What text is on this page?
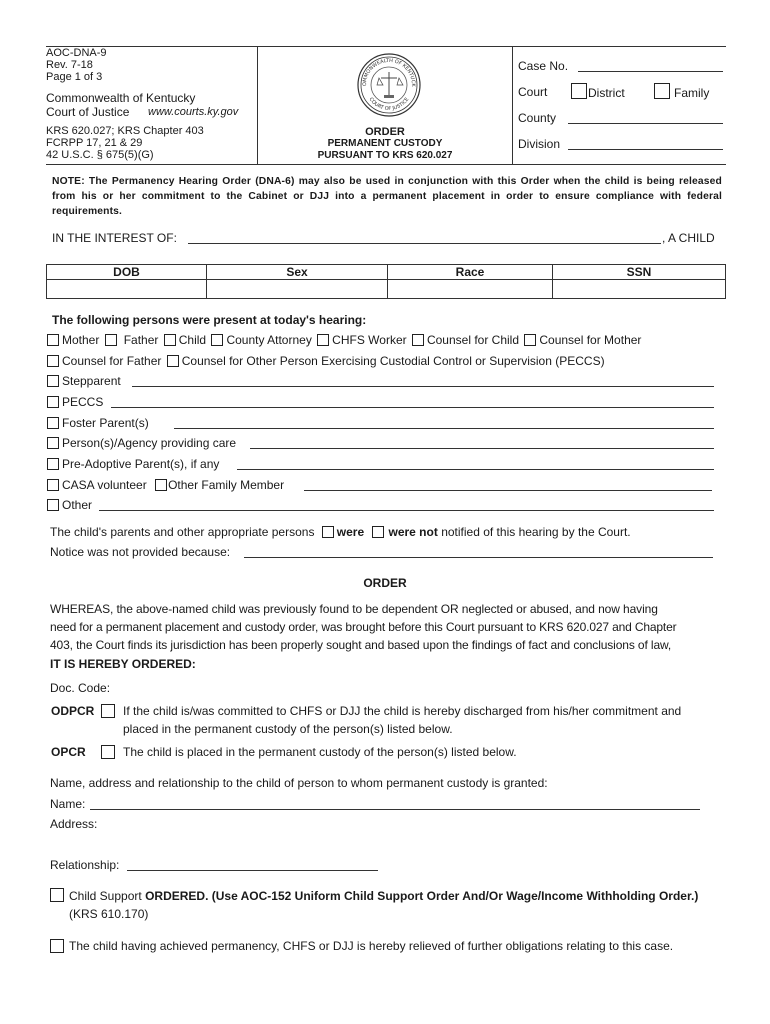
AOC-DNA-9
Rev. 7-18
Page 1 of 3
Commonwealth of Kentucky
Court of Justice www.courts.ky.gov
KRS 620.027; KRS Chapter 403
FCRPP 17, 21 & 29
42 U.S.C. § 675(5)(G)
OMMONWEALTH OF KENTUCK
COURT OF JUSTICE
ORDER
PERMANENT CUSTODY
PURSUANT TO KRS 620.027
Case No.
Court	District	Family
County
Division
NOTE: The Permanency Hearing Order (DNA-6) may also be used in conjunction with this Order when the child is being released from his or her commitment to the Cabinet or DJJ into a permanent placement in order to ensure compliance with federal requirements.
IN THE INTEREST OF:	, A CHILD
DOB	Sex	Race	SSN

The following persons were present at today's hearing:
Mother Father Child County Attorney CHFS Worker Counsel for Child Counsel for Mother
Counsel for Father Counsel for Other Person Exercising Custodial Control or Supervision (PECCS)
Stepparent
PECCS
Foster Parent(s)
Person(s)/Agency providing care
Pre-Adoptive Parent(s), if any
CASA volunteer Other Family Member
Other
The child's parents and other appropriate persons were were not notified of this hearing by the Court.
Notice was not provided because:
ORDER
WHEREAS, the above-named child was previously found to be dependent OR neglected or abused, and now having
need for a permanent placement and custody order, was brought before this Court pursuant to KRS 620.027 and Chapter
403, the Court finds its jurisdiction has been properly sought and based upon the findings of fact and conclusions of law,
IT IS HEREBY ORDERED:
Doc. Code:
ODPCR If the child is/was committed to CHFS or DJJ the child is hereby discharged from his/her commitment and
placed in the permanent custody of the person(s) listed below.
OPCR	The child is placed in the permanent custody of the person(s) listed below.
Name, address and relationship to the child of person to whom permanent custody is granted:
Name:
Address:
Relationship:
Child Support ORDERED. (Use AOC-152 Uniform Child Support Order And/Or Wage/Income Withholding Order.)
(KRS 610.170)
The child having achieved permanency, CHFS or DJJ is hereby relieved of further obligations relating to this case.
